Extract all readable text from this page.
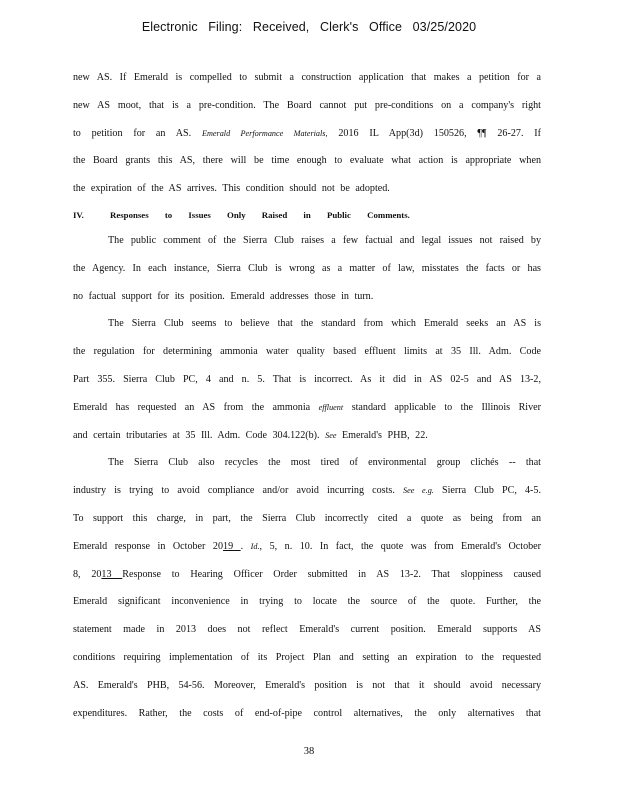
Electronic Filing: Received, Clerk's Office 03/25/2020
new AS. If Emerald is compelled to submit a construction application that makes a petition for a
new AS moot, that is a pre-condition. The Board cannot put pre-conditions on a company's right
to petition for an AS. Emerald Performance Materials, 2016 IL App(3d) 150526, ¶¶ 26-27. If
the Board grants this AS, there will be time enough to evaluate what action is appropriate when
the expiration of the AS arrives. This condition should not be adopted.
IV.	Responses to Issues Only Raised in Public Comments.
The public comment of the Sierra Club raises a few factual and legal issues not raised by
the Agency. In each instance, Sierra Club is wrong as a matter of law, misstates the facts or has
no factual support for its position. Emerald addresses those in turn.
The Sierra Club seems to believe that the standard from which Emerald seeks an AS is
the regulation for determining ammonia water quality based effluent limits at 35 Ill. Adm. Code
Part 355. Sierra Club PC, 4 and n. 5. That is incorrect. As it did in AS 02-5 and AS 13-2,
Emerald has requested an AS from the ammonia effluent standard applicable to the Illinois River
and certain tributaries at 35 Ill. Adm. Code 304.122(b). See Emerald's PHB, 22.
The Sierra Club also recycles the most tired of environmental group clichés -- that
industry is trying to avoid compliance and/or avoid incurring costs. See e.g. Sierra Club PC, 4-5.
To support this charge, in part, the Sierra Club incorrectly cited a quote as being from an
Emerald response in October 2019 . Id., 5, n. 10. In fact, the quote was from Emerald's October
8, 2013 Response to Hearing Officer Order submitted in AS 13-2. That sloppiness caused
Emerald significant inconvenience in trying to locate the source of the quote. Further, the
statement made in 2013 does not reflect Emerald's current position. Emerald supports AS
conditions requiring implementation of its Project Plan and setting an expiration to the requested
AS. Emerald's PHB, 54-56. Moreover, Emerald's position is not that it should avoid necessary
expenditures. Rather, the costs of end-of-pipe control alternatives, the only alternatives that
38
